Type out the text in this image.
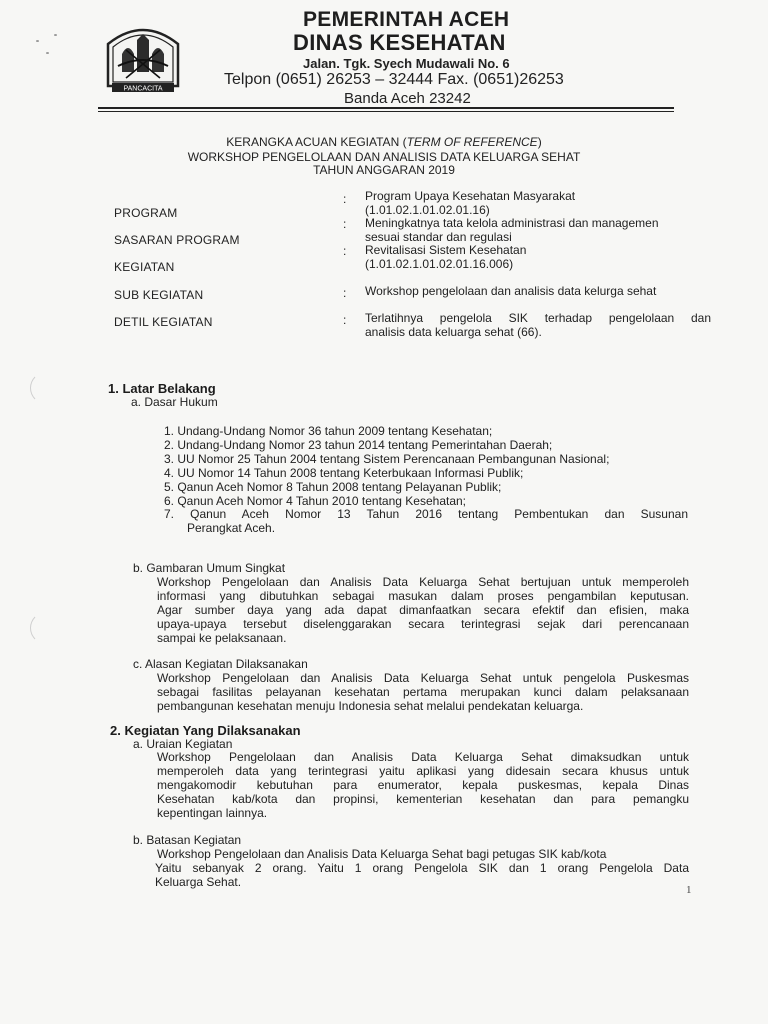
PANCACITA
PEMERINTAH ACEH
DINAS KESEHATAN
Jalan. Tgk. Syech Mudawali No. 6
Telpon (0651) 26253 – 32444 Fax. (0651)26253
Banda Aceh 23242
KERANGKA ACUAN KEGIATAN (TERM OF REFERENCE)
WORKSHOP PENGELOLAAN DAN ANALISIS DATA KELUARGA SEHAT
TAHUN ANGGARAN 2019
PROGRAM
SASARAN PROGRAM
KEGIATAN
SUB KEGIATAN
DETIL KEGIATAN
:
:
:
:
:
Program Upaya Kesehatan Masyarakat
(1.01.02.1.01.02.01.16)
Meningkatnya tata kelola administrasi dan managemen
sesuai standar dan regulasi
Revitalisasi Sistem Kesehatan
(1.01.02.1.01.02.01.16.006)
Workshop pengelolaan dan analisis data kelurga sehat
Terlatihnya pengelola SIK terhadap pengelolaan dan
analisis data keluarga sehat (66).
1. Latar Belakang
a. Dasar Hukum
1. Undang-Undang Nomor 36 tahun 2009 tentang Kesehatan;
2. Undang-Undang Nomor 23 tahun 2014 tentang Pemerintahan Daerah;
3. UU Nomor 25 Tahun 2004 tentang Sistem Perencanaan Pembangunan Nasional;
4. UU Nomor 14 Tahun 2008 tentang Keterbukaan Informasi Publik;
5. Qanun Aceh Nomor 8 Tahun 2008 tentang Pelayanan Publik;
6. Qanun Aceh Nomor 4 Tahun 2010 tentang Kesehatan;
7. Qanun Aceh Nomor 13 Tahun 2016 tentang Pembentukan dan Susunan
Perangkat Aceh.
b. Gambaran Umum Singkat
Workshop Pengelolaan dan Analisis Data Keluarga Sehat bertujuan untuk memperoleh
informasi yang dibutuhkan sebagai masukan dalam proses pengambilan keputusan.
Agar sumber daya yang ada dapat dimanfaatkan secara efektif dan efisien, maka
upaya-upaya tersebut diselenggarakan secara terintegrasi sejak dari perencanaan
sampai ke pelaksanaan.
c. Alasan Kegiatan Dilaksanakan
Workshop Pengelolaan dan Analisis Data Keluarga Sehat untuk pengelola Puskesmas
sebagai fasilitas pelayanan kesehatan pertama merupakan kunci dalam pelaksanaan
pembangunan kesehatan menuju Indonesia sehat melalui pendekatan keluarga.
2. Kegiatan Yang Dilaksanakan
a. Uraian Kegiatan
Workshop Pengelolaan dan Analisis Data Keluarga Sehat dimaksudkan untuk
memperoleh data yang terintegrasi yaitu aplikasi yang didesain secara khusus untuk
mengakomodir kebutuhan para enumerator, kepala puskesmas, kepala Dinas
Kesehatan kab/kota dan propinsi, kementerian kesehatan dan para pemangku
kepentingan lainnya.
b. Batasan Kegiatan
Workshop Pengelolaan dan Analisis Data Keluarga Sehat bagi petugas SIK kab/kota
Yaitu sebanyak 2 orang. Yaitu 1 orang Pengelola SIK dan 1 orang Pengelola Data
Keluarga Sehat.
1
